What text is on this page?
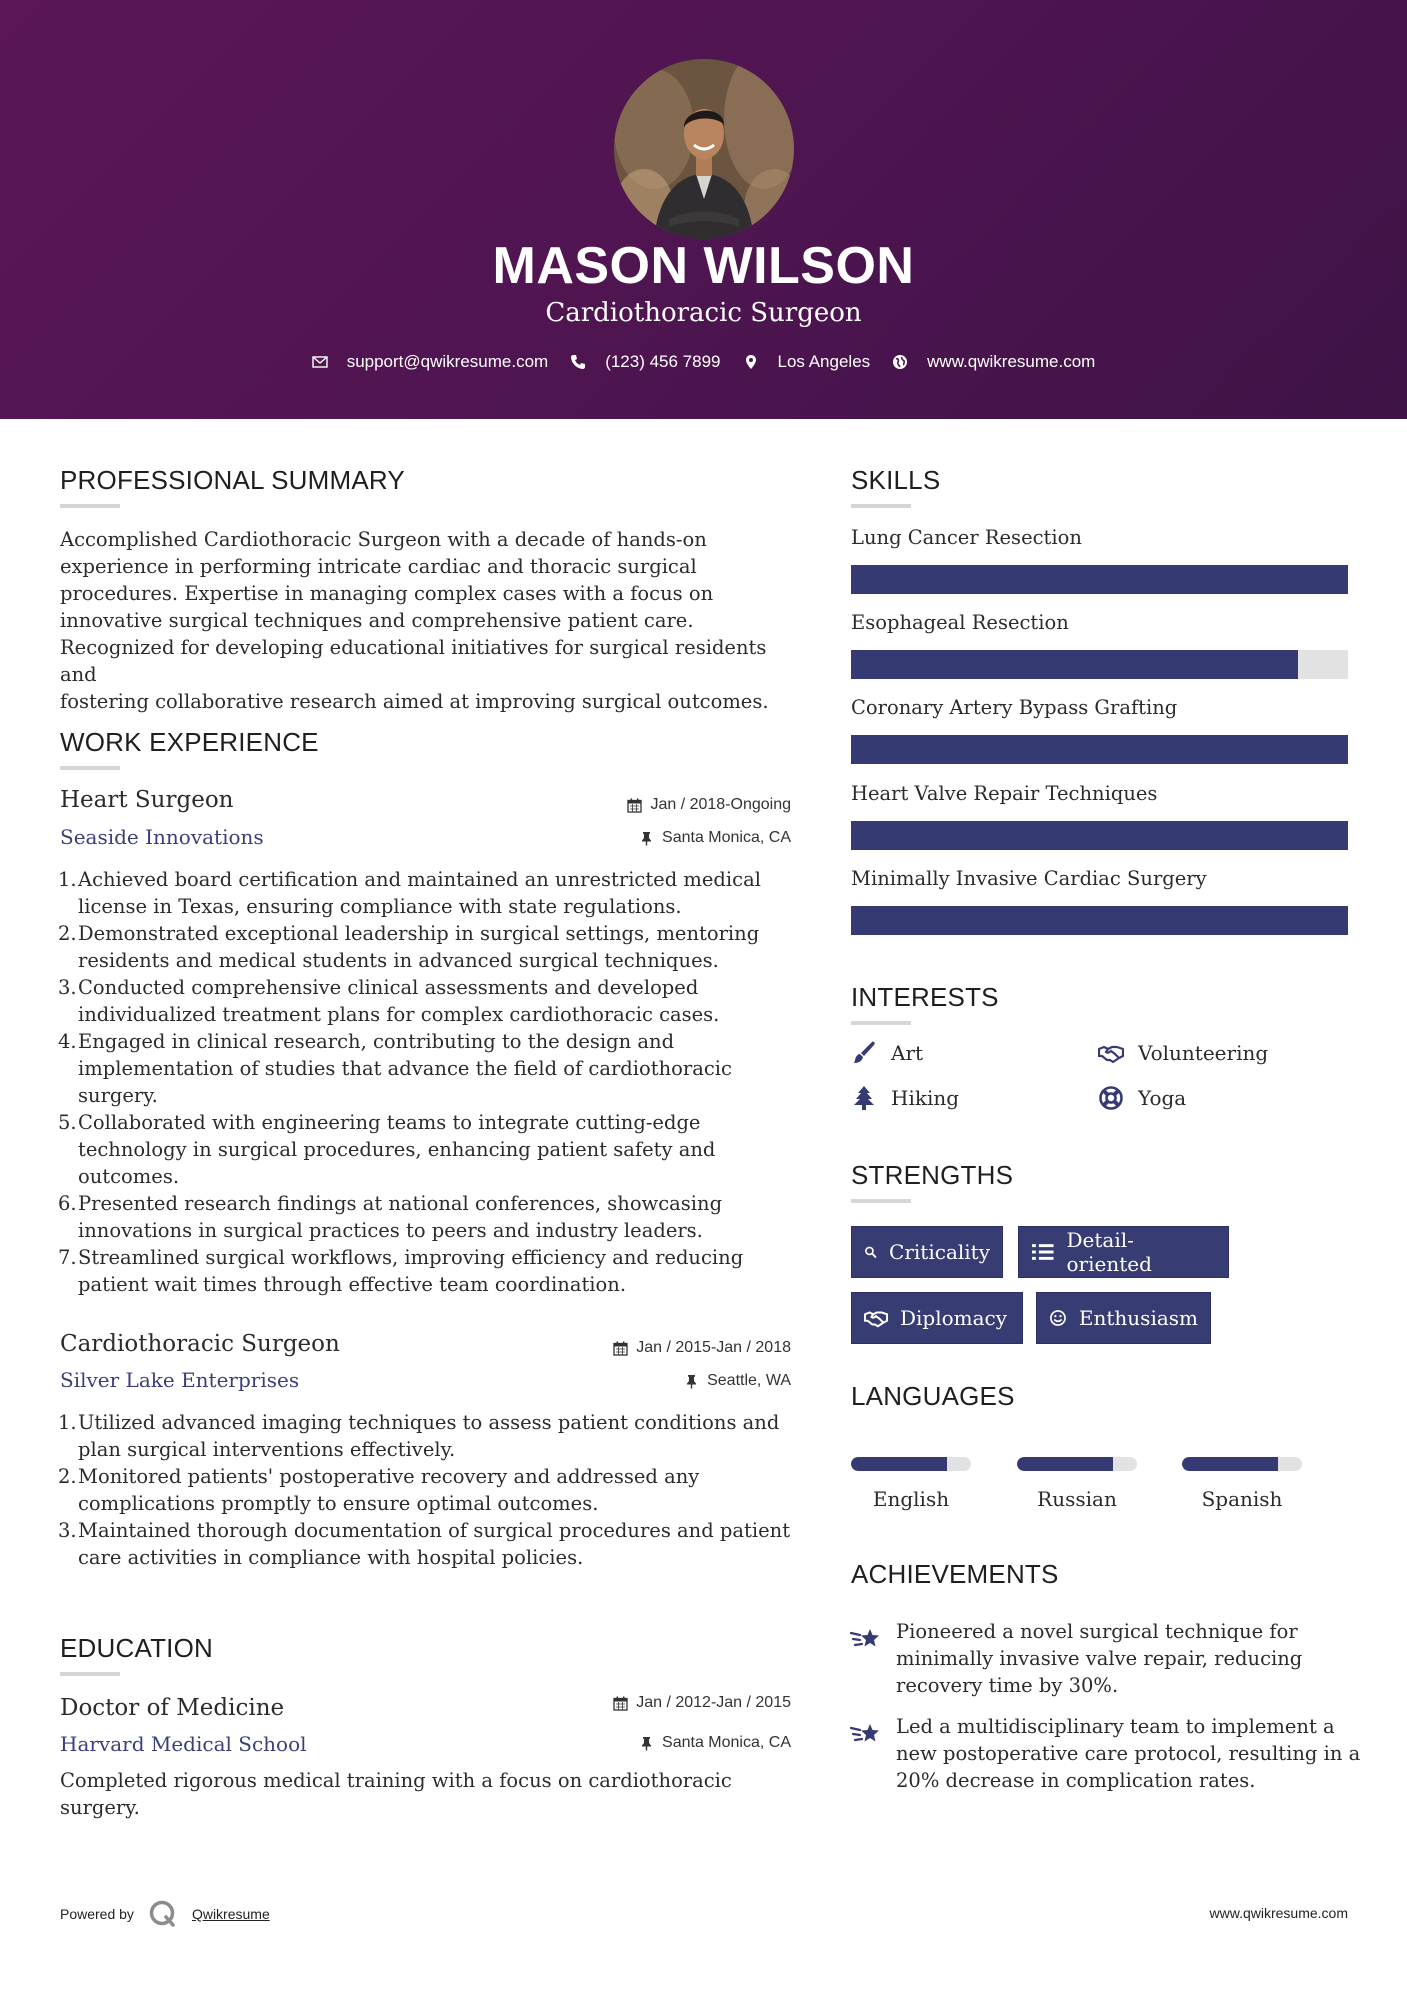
MASON WILSON
Cardiothoracic Surgeon
support@qwikresume.com	(123) 456 7899	Los Angeles	www.qwikresume.com
PROFESSIONAL SUMMARY
Accomplished Cardiothoracic Surgeon with a decade of hands-on
experience in performing intricate cardiac and thoracic surgical
procedures. Expertise in managing complex cases with a focus on
innovative surgical techniques and comprehensive patient care.
Recognized for developing educational initiatives for surgical residents and
fostering collaborative research aimed at improving surgical outcomes.
WORK EXPERIENCE
Heart Surgeon	Jan / 2018-Ongoing
Seaside Innovations	Santa Monica, CA
1. Achieved board certification and maintained an unrestricted medical
license in Texas, ensuring compliance with state regulations.
2. Demonstrated exceptional leadership in surgical settings, mentoring
residents and medical students in advanced surgical techniques.
3. Conducted comprehensive clinical assessments and developed
individualized treatment plans for complex cardiothoracic cases.
4. Engaged in clinical research, contributing to the design and
implementation of studies that advance the field of cardiothoracic
surgery.
5. Collaborated with engineering teams to integrate cutting-edge
technology in surgical procedures, enhancing patient safety and
outcomes.
6. Presented research findings at national conferences, showcasing
innovations in surgical practices to peers and industry leaders.
7. Streamlined surgical workflows, improving efficiency and reducing
patient wait times through effective team coordination.
Cardiothoracic Surgeon	Jan / 2015-Jan / 2018
Silver Lake Enterprises	Seattle, WA
1. Utilized advanced imaging techniques to assess patient conditions and
plan surgical interventions effectively.
2. Monitored patients' postoperative recovery and addressed any
complications promptly to ensure optimal outcomes.
3. Maintained thorough documentation of surgical procedures and patient
care activities in compliance with hospital policies.
EDUCATION
Doctor of Medicine	Jan / 2012-Jan / 2015
Harvard Medical School	Santa Monica, CA
Completed rigorous medical training with a focus on cardiothoracic
surgery.
SKILLS
Lung Cancer Resection
Esophageal Resection
Coronary Artery Bypass Grafting
Heart Valve Repair Techniques
Minimally Invasive Cardiac Surgery
INTERESTS
Art	Volunteering
Hiking	Yoga
STRENGTHS
Criticality	Detail-oriented
Diplomacy	Enthusiasm
LANGUAGES
English	Russian	Spanish
ACHIEVEMENTS
Pioneered a novel surgical technique for
minimally invasive valve repair, reducing
recovery time by 30%.
Led a multidisciplinary team to implement a
new postoperative care protocol, resulting in a
20% decrease in complication rates.
Powered by	Qwikresume	www.qwikresume.com
